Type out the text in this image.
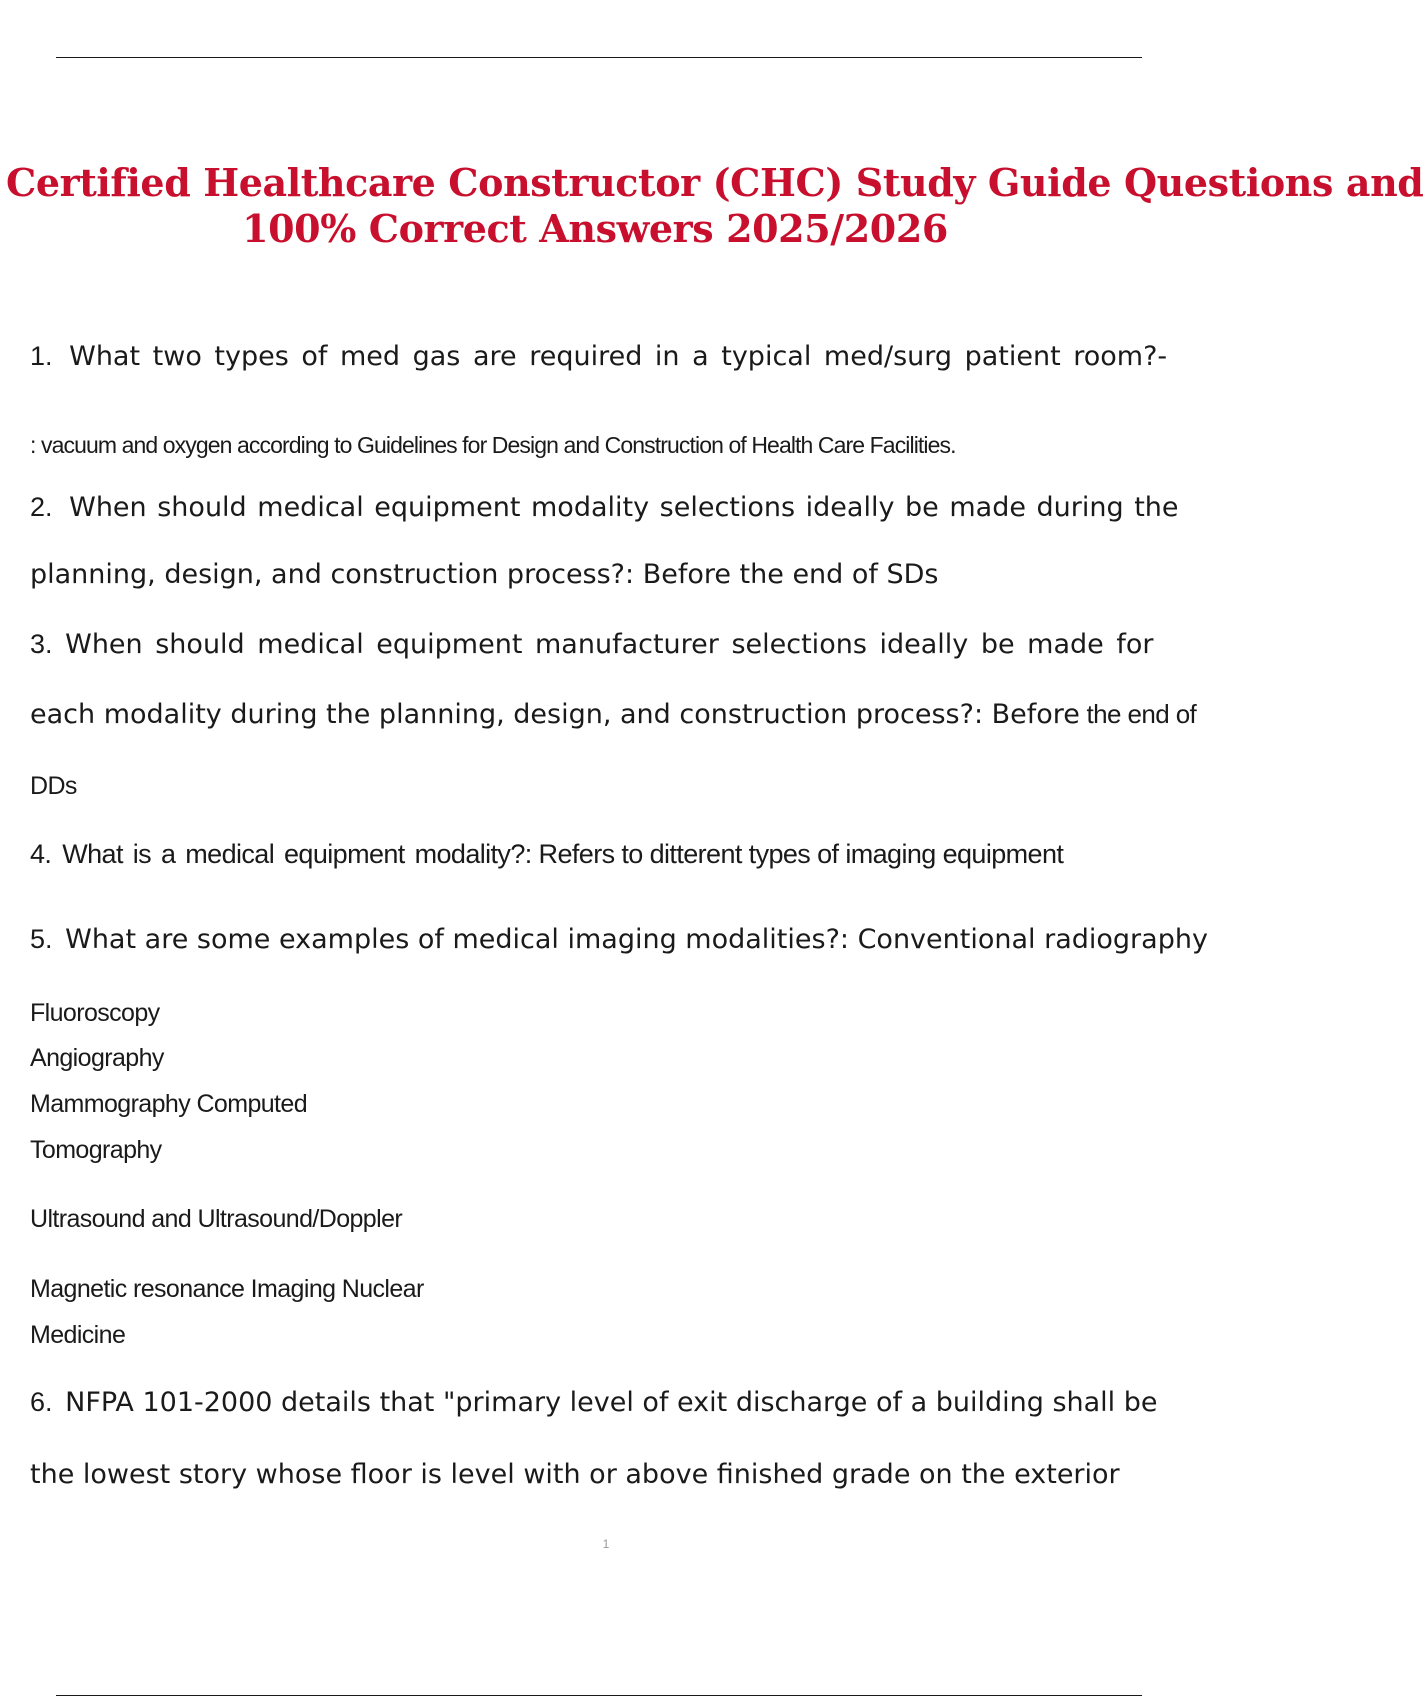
Certified Healthcare Constructor (CHC) Study Guide Questions and
100% Correct Answers 2025/2026
1. What two types of med gas are required in a typical med/surg patient room?-
: vacuum and oxygen according to Guidelines for Design and Construction of Health Care Facilities.
2. When should medical equipment modality selections ideally be made during the
planning, design, and construction process?: Before the end of SDs
3. When should medical equipment manufacturer selections ideally be made for
each modality during the planning, design, and construction process?: Before the end of
DDs
4. What is a medical equipment modality?: Refers to ditterent types of imaging equipment
5. What are some examples of medical imaging modalities?: Conventional radiography
Fluoroscopy
Angiography
Mammography Computed
Tomography
Ultrasound and Ultrasound/Doppler
Magnetic resonance Imaging Nuclear
Medicine
6. NFPA 101-2000 details that "primary level of exit discharge of a building shall be
the lowest story whose floor is level with or above finished grade on the exterior
1
